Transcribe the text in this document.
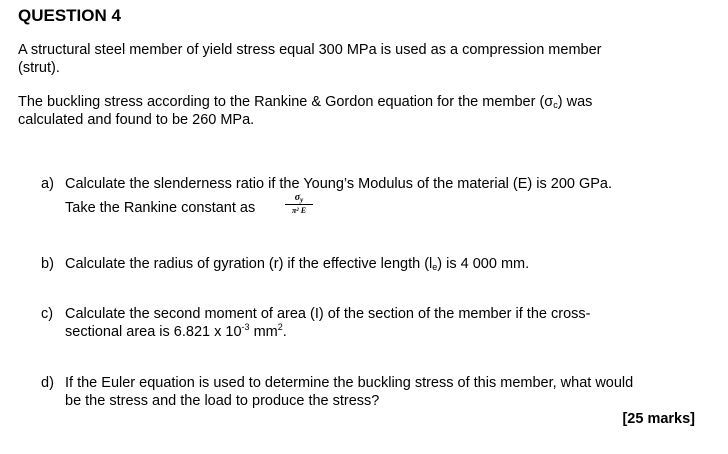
QUESTION 4
A structural steel member of yield stress equal 300 MPa is used as a compression member
(strut).
The buckling stress according to the Rankine & Gordon equation for the member $(\sigma_c)$ was
calculated and found to be 260 MPa.
a) Calculate the slenderness ratio if the Young’s Modulus of the material (E) is 200 GPa.
Take the Rankine constant as
$\sigma_y$
π² E
b) Calculate the radius of gyration (r) if the effective length $(l_e)$ is 4 000 mm.
c) Calculate the second moment of area (I) of the section of the member if the cross-
sectional area is 6.821 x $10^{-3}$ $mm^2$.
d) If the Euler equation is used to determine the buckling stress of this member, what would
be the stress and the load to produce the stress?
[25 marks]
